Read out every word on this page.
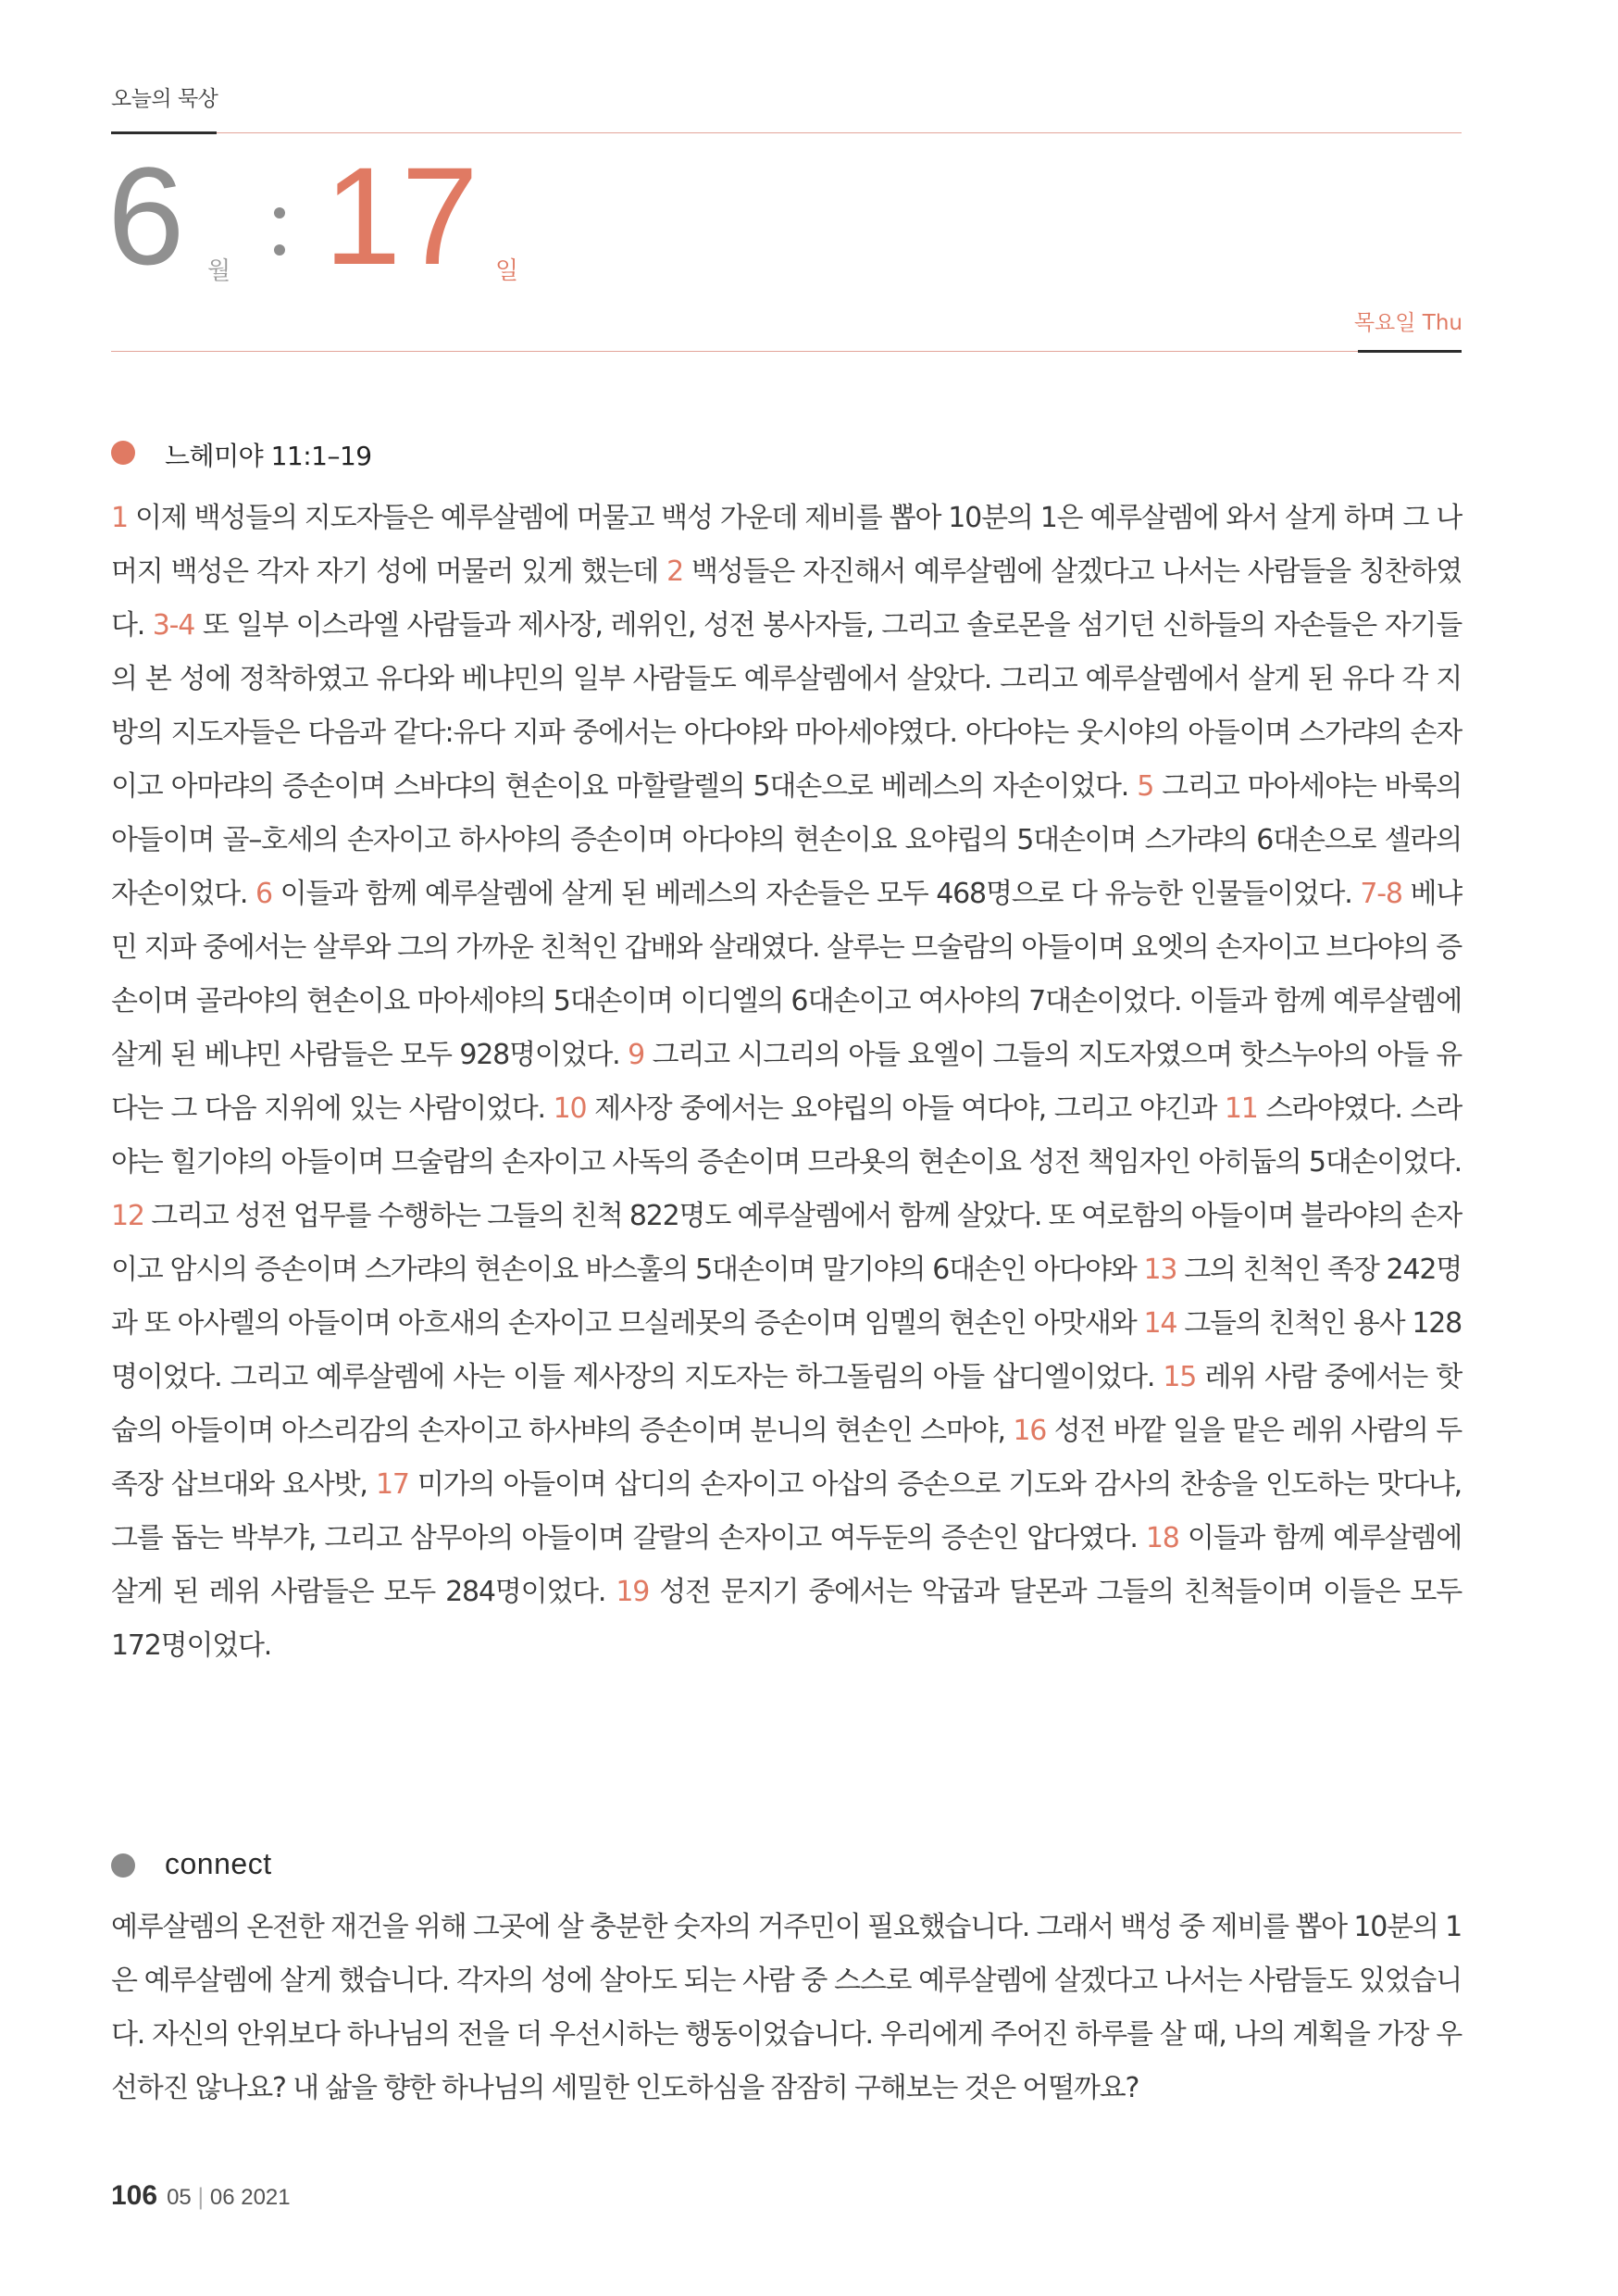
오늘의 묵상
6 월 17 일
목요일 Thu
느헤미야 11:1–19
1 이제 백성들의 지도자들은 예루살렘에 머물고 백성 가운데 제비를 뽑아 10분의 1은 예루살렘에 와서 살게 하며 그 나머지 백성은 각자 자기 성에 머물러 있게 했는데 2 백성들은 자진해서 예루살렘에 살겠다고 나서는 사람들을 칭찬하였다. 3-4 또 일부 이스라엘 사람들과 제사장, 레위인, 성전 봉사자들, 그리고 솔로몬을 섬기던 신하들의 자손들은 자기들의 본 성에 정착하였고 유다와 베냐민의 일부 사람들도 예루살렘에서 살았다. 그리고 예루살렘에서 살게 된 유다 각 지방의 지도자들은 다음과 같다:유다 지파 중에서는 아다야와 마아세야였다. 아다야는 웃시야의 아들이며 스가랴의 손자이고 아마랴의 증손이며 스바댜의 현손이요 마할랄렐의 5대손으로 베레스의 자손이었다. 5 그리고 마아세야는 바룩의 아들이며 골–호세의 손자이고 하사야의 증손이며 아다야의 현손이요 요야립의 5대손이며 스가랴의 6대손으로 셀라의 자손이었다. 6 이들과 함께 예루살렘에 살게 된 베레스의 자손들은 모두 468명으로 다 유능한 인물들이었다. 7-8 베냐민 지파 중에서는 살루와 그의 가까운 친척인 갑배와 살래였다. 살루는 므술람의 아들이며 요엣의 손자이고 브다야의 증손이며 골라야의 현손이요 마아세야의 5대손이며 이디엘의 6대손이고 여사야의 7대손이었다. 이들과 함께 예루살렘에 살게 된 베냐민 사람들은 모두 928명이었다. 9 그리고 시그리의 아들 요엘이 그들의 지도자였으며 핫스누아의 아들 유다는 그 다음 지위에 있는 사람이었다. 10 제사장 중에서는 요야립의 아들 여다야, 그리고 야긴과 11 스라야였다. 스라야는 힐기야의 아들이며 므술람의 손자이고 사독의 증손이며 므라욧의 현손이요 성전 책임자인 아히둡의 5대손이었다. 12 그리고 성전 업무를 수행하는 그들의 친척 822명도 예루살렘에서 함께 살았다. 또 여로함의 아들이며 블라야의 손자이고 암시의 증손이며 스가랴의 현손이요 바스훌의 5대손이며 말기야의 6대손인 아다야와 13 그의 친척인 족장 242명과 또 아사렐의 아들이며 아흐새의 손자이고 므실레못의 증손이며 임멜의 현손인 아맛새와 14 그들의 친척인 용사 128명이었다. 그리고 예루살렘에 사는 이들 제사장의 지도자는 하그돌림의 아들 삽디엘이었다. 15 레위 사람 중에서는 핫숩의 아들이며 아스리감의 손자이고 하사뱌의 증손이며 분니의 현손인 스마야, 16 성전 바깥 일을 맡은 레위 사람의 두 족장 삽브대와 요사밧, 17 미가의 아들이며 삽디의 손자이고 아삽의 증손으로 기도와 감사의 찬송을 인도하는 맛다냐, 그를 돕는 박부갸, 그리고 삼무아의 아들이며 갈랄의 손자이고 여두둔의 증손인 압다였다. 18 이들과 함께 예루살렘에 살게 된 레위 사람들은 모두 284명이었다. 19 성전 문지기 중에서는 악굽과 달몬과 그들의 친척들이며 이들은 모두 172명이었다.
connect
예루살렘의 온전한 재건을 위해 그곳에 살 충분한 숫자의 거주민이 필요했습니다. 그래서 백성 중 제비를 뽑아 10분의 1은 예루살렘에 살게 했습니다. 각자의 성에 살아도 되는 사람 중 스스로 예루살렘에 살겠다고 나서는 사람들도 있었습니다. 자신의 안위보다 하나님의 전을 더 우선시하는 행동이었습니다. 우리에게 주어진 하루를 살 때, 나의 계획을 가장 우선하진 않나요? 내 삶을 향한 하나님의 세밀한 인도하심을 잠잠히 구해보는 것은 어떨까요?
106 05 | 06 2021
